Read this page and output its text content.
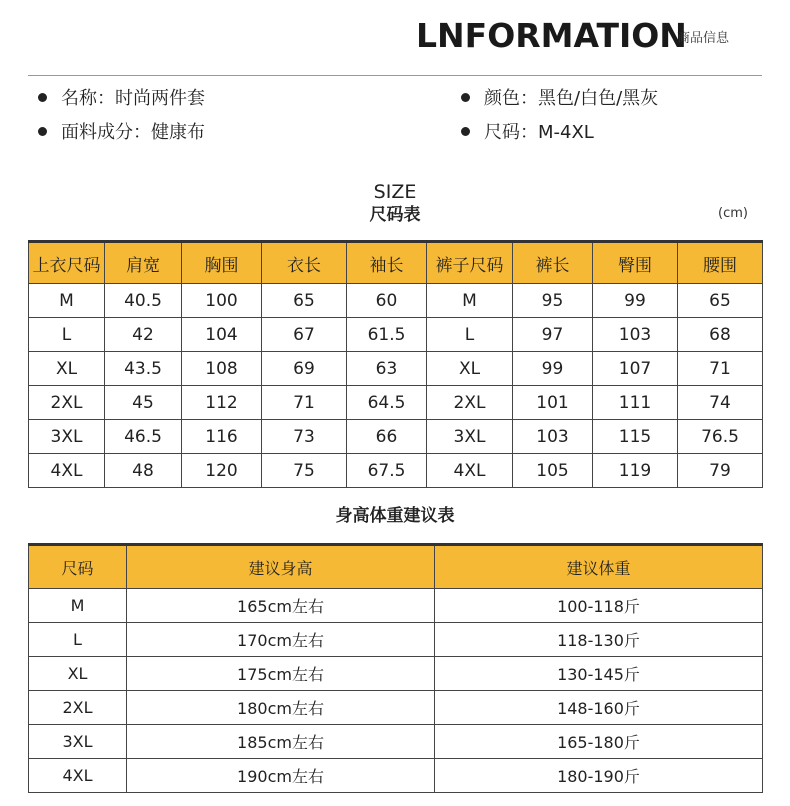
LNFORMATION
商品信息
名称：时尚两件套
面料成分：健康布
颜色：黑色/白色/黑灰
尺码：M-4XL
SIZE
尺码表	(cm)
上衣尺码	肩宽	胸围	衣长	袖长	裤子尺码	裤长	臀围	腰围
M	40.5	100	65	60	M	95	99	65
L	42	104	67	61.5	L	97	103	68
XL	43.5	108	69	63	XL	99	107	71
2XL	45	112	71	64.5	2XL	101	111	74
3XL	46.5	116	73	66	3XL	103	115	76.5
4XL	48	120	75	67.5	4XL	105	119	79
身高体重建议表
尺码	建议身高	建议体重
M	165cm左右	100-118斤
L	170cm左右	118-130斤
XL	175cm左右	130-145斤
2XL	180cm左右	148-160斤
3XL	185cm左右	165-180斤
4XL	190cm左右	180-190斤
